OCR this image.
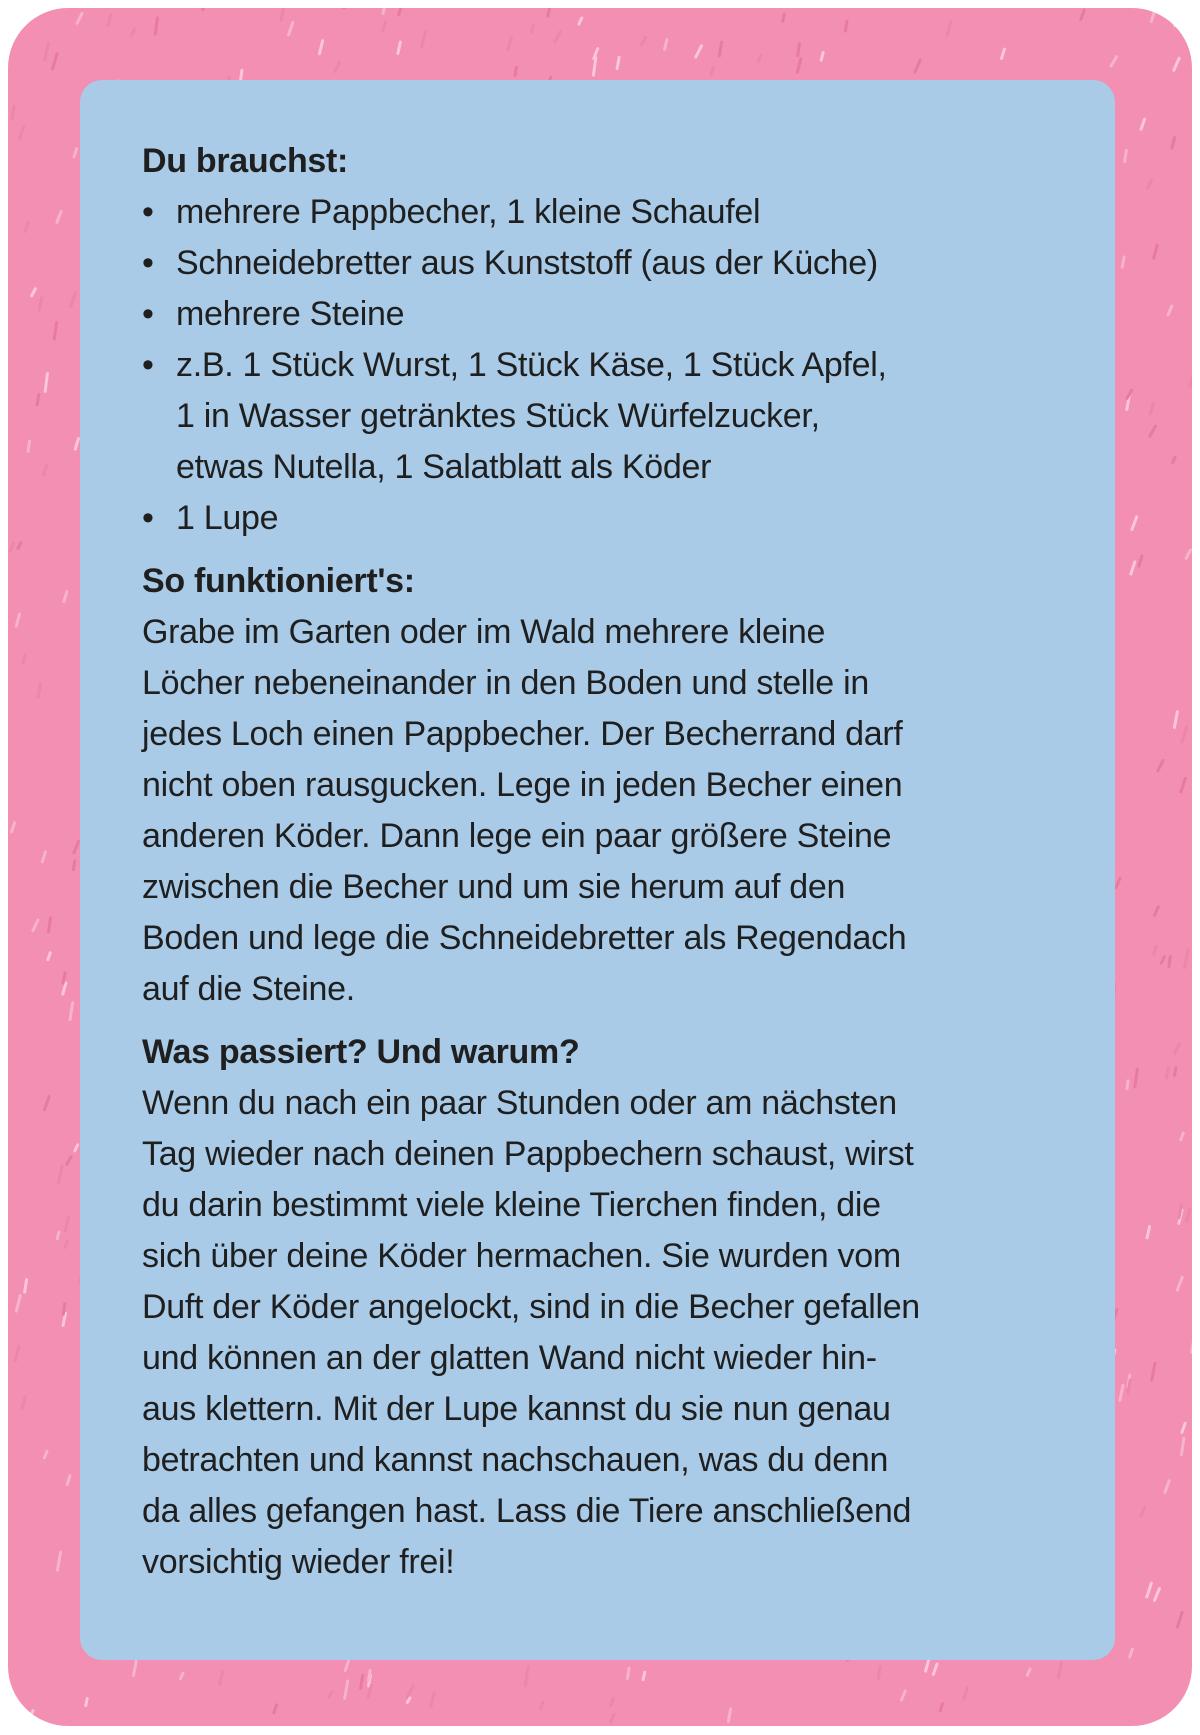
Du brauchst:
• mehrere Pappbecher, 1 kleine Schaufel
• Schneidebretter aus Kunststoff (aus der Küche)
• mehrere Steine
• z.B. 1 Stück Wurst, 1 Stück Käse, 1 Stück Apfel,
1 in Wasser getränktes Stück Würfelzucker,
etwas Nutella, 1 Salatblatt als Köder
• 1 Lupe
So funktioniert's:

Grabe im Garten oder im Wald mehrere kleine
Löcher nebeneinander in den Boden und stelle in
jedes Loch einen Pappbecher. Der Becherrand darf
nicht oben rausgucken. Lege in jeden Becher einen
anderen Köder. Dann lege ein paar größere Steine
zwischen die Becher und um sie herum auf den
Boden und lege die Schneidebretter als Regendach
auf die Steine.

Was passiert? Und warum?

Wenn du nach ein paar Stunden oder am nächsten
Tag wieder nach deinen Pappbechern schaust, wirst
du darin bestimmt viele kleine Tierchen finden, die
sich über deine Köder hermachen. Sie wurden vom
Duft der Köder angelockt, sind in die Becher gefallen
und können an der glatten Wand nicht wieder hin-
aus klettern. Mit der Lupe kannst du sie nun genau
betrachten und kannst nachschauen, was du denn
da alles gefangen hast. Lass die Tiere anschließend
vorsichtig wieder frei!
